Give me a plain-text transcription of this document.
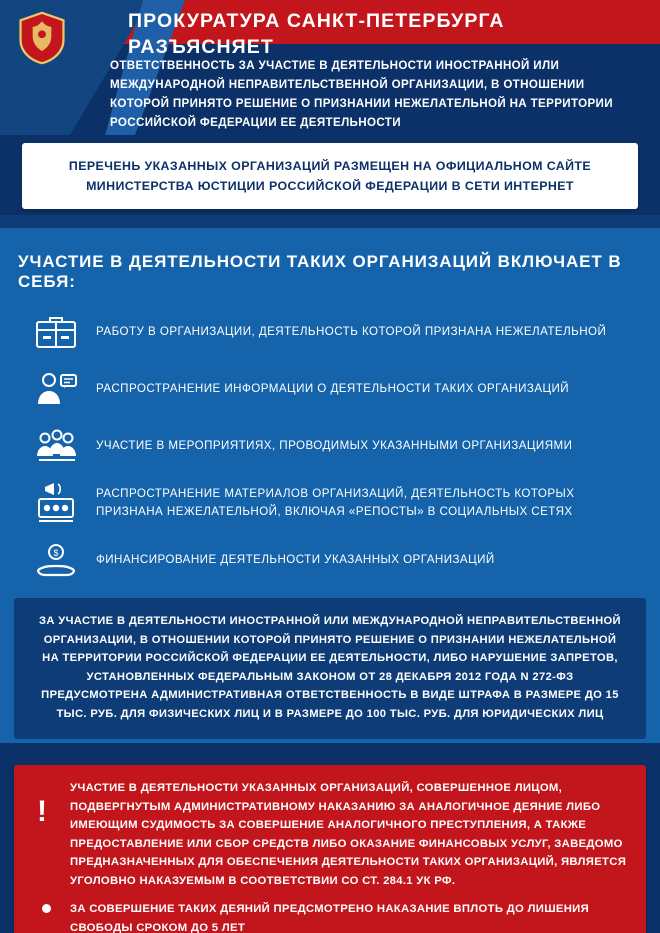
ПРОКУРАТУРА САНКТ-ПЕТЕРБУРГА РАЗЪЯСНЯЕТ
ОТВЕТСТВЕННОСТЬ ЗА УЧАСТИЕ В ДЕЯТЕЛЬНОСТИ ИНОСТРАННОЙ ИЛИ МЕЖДУНАРОДНОЙ НЕПРАВИТЕЛЬСТВЕННОЙ ОРГАНИЗАЦИИ, В ОТНОШЕНИИ КОТОРОЙ ПРИНЯТО РЕШЕНИЕ О ПРИЗНАНИИ НЕЖЕЛАТЕЛЬНОЙ НА ТЕРРИТОРИИ РОССИЙСКОЙ ФЕДЕРАЦИИ ЕЕ ДЕЯТЕЛЬНОСТИ
ПЕРЕЧЕНЬ УКАЗАННЫХ ОРГАНИЗАЦИЙ РАЗМЕЩЕН НА ОФИЦИАЛЬНОМ САЙТЕ МИНИСТЕРСТВА ЮСТИЦИИ РОССИЙСКОЙ ФЕДЕРАЦИИ В СЕТИ ИНТЕРНЕТ
УЧАСТИЕ В ДЕЯТЕЛЬНОСТИ ТАКИХ ОРГАНИЗАЦИЙ ВКЛЮЧАЕТ В СЕБЯ:
РАБОТУ В ОРГАНИЗАЦИИ, ДЕЯТЕЛЬНОСТЬ КОТОРОЙ ПРИЗНАНА НЕЖЕЛАТЕЛЬНОЙ
РАСПРОСТРАНЕНИЕ ИНФОРМАЦИИ О ДЕЯТЕЛЬНОСТИ ТАКИХ ОРГАНИЗАЦИЙ
УЧАСТИЕ В МЕРОПРИЯТИЯХ, ПРОВОДИМЫХ УКАЗАННЫМИ ОРГАНИЗАЦИЯМИ
РАСПРОСТРАНЕНИЕ МАТЕРИАЛОВ ОРГАНИЗАЦИЙ, ДЕЯТЕЛЬНОСТЬ КОТОРЫХ ПРИЗНАНА НЕЖЕЛАТЕЛЬНОЙ, ВКЛЮЧАЯ «РЕПОСТЫ» В СОЦИАЛЬНЫХ СЕТЯХ
$	ФИНАНСИРОВАНИЕ ДЕЯТЕЛЬНОСТИ УКАЗАННЫХ ОРГАНИЗАЦИЙ
ЗА УЧАСТИЕ В ДЕЯТЕЛЬНОСТИ ИНОСТРАННОЙ ИЛИ МЕЖДУНАРОДНОЙ НЕПРАВИТЕЛЬСТВЕННОЙ ОРГАНИЗАЦИИ, В ОТНОШЕНИИ КОТОРОЙ ПРИНЯТО РЕШЕНИЕ О ПРИЗНАНИИ НЕЖЕЛАТЕЛЬНОЙ НА ТЕРРИТОРИИ РОССИЙСКОЙ ФЕДЕРАЦИИ ЕЕ ДЕЯТЕЛЬНОСТИ, ЛИБО НАРУШЕНИЕ ЗАПРЕТОВ, УСТАНОВЛЕННЫХ ФЕДЕРАЛЬНЫМ ЗАКОНОМ ОТ 28 ДЕКАБРЯ 2012 ГОДА N 272-ФЗ ПРЕДУСМОТРЕНА АДМИНИСТРАТИВНАЯ ОТВЕТСТВЕННОСТЬ В ВИДЕ ШТРАФА В РАЗМЕРЕ ДО 15 ТЫС. РУБ. ДЛЯ ФИЗИЧЕСКИХ ЛИЦ И В РАЗМЕРЕ ДО 100 ТЫС. РУБ. ДЛЯ ЮРИДИЧЕСКИХ ЛИЦ
!
УЧАСТИЕ В ДЕЯТЕЛЬНОСТИ УКАЗАННЫХ ОРГАНИЗАЦИЙ, СОВЕРШЕННОЕ ЛИЦОМ, ПОДВЕРГНУТЫМ АДМИНИСТРАТИВНОМУ НАКАЗАНИЮ ЗА АНАЛОГИЧНОЕ ДЕЯНИЕ ЛИБО ИМЕЮЩИМ СУДИМОСТЬ ЗА СОВЕРШЕНИЕ АНАЛОГИЧНОГО ПРЕСТУПЛЕНИЯ, А ТАКЖЕ ПРЕДОСТАВЛЕНИЕ ИЛИ СБОР СРЕДСТВ ЛИБО ОКАЗАНИЕ ФИНАНСОВЫХ УСЛУГ, ЗАВЕДОМО ПРЕДНАЗНАЧЕННЫХ ДЛЯ ОБЕСПЕЧЕНИЯ ДЕЯТЕЛЬНОСТИ ТАКИХ ОРГАНИЗАЦИЙ, ЯВЛЯЕТСЯ УГОЛОВНО НАКАЗУЕМЫМ В СООТВЕТСТВИИ СО СТ. 284.1 УК РФ.
ЗА СОВЕРШЕНИЕ ТАКИХ ДЕЯНИЙ ПРЕДСМОТРЕНО НАКАЗАНИЕ ВПЛОТЬ ДО ЛИШЕНИЯ СВОБОДЫ СРОКОМ ДО 5 ЛЕТ
